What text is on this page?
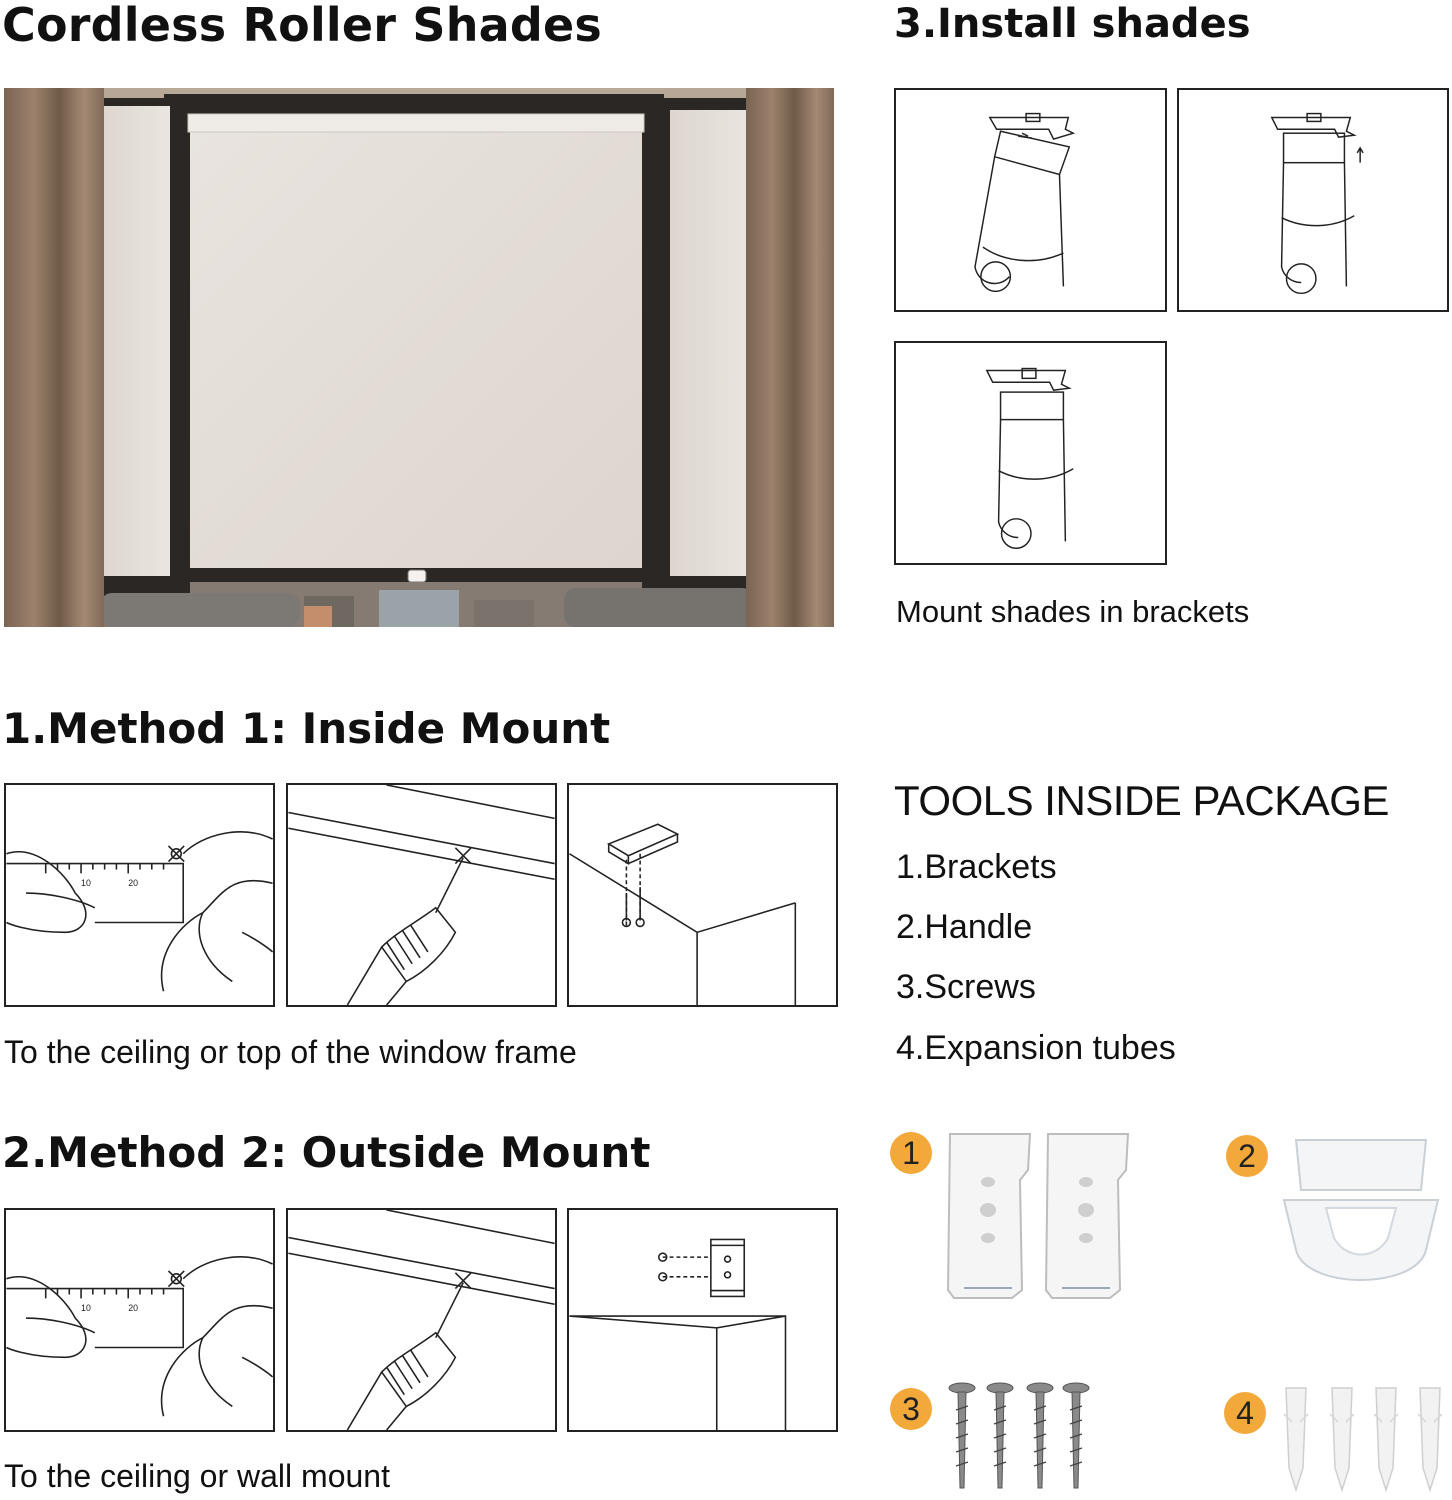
Cordless Roller Shades	3.Install shades
Mount shades in brackets
1.Method 1: Inside Mount
10	20
To the ceiling or top of the window frame
2.Method 2: Outside Mount
10	20
To the ceiling or wall mount
TOOLS INSIDE PACKAGE
1.Brackets
2.Handle
3.Screws
4.Expansion tubes
1	2
3	4
